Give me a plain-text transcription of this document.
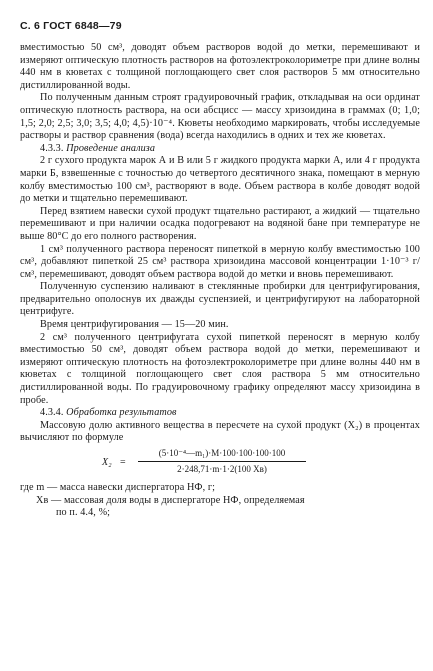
С. 6 ГОСТ 6848—79

вместимостью 50 см³, доводят объем растворов водой до метки, перемешивают и измеряют оптическую плотность растворов на фотоэлектроколориметре при длине волны 440 нм в кюветах с толщиной поглощающего свет слоя растворов 5 мм относительно дистиллированной воды.

По полученным данным строят градуировочный график, откладывая на оси ординат оптическую плотность раствора, на оси абсцисс — массу хризоидина в граммах (0; 1,0; 1,5; 2,0; 2,5; 3,0; 3,5; 4,0; 4,5)·10⁻⁴. Кюветы необходимо маркировать, чтобы исследуемые растворы и раствор сравнения (вода) всегда находились в одних и тех же кюветах.

4.3.3. Проведение анализа

2 г сухого продукта марок А и В или 5 г жидкого продукта марки А, или 4 г продукта марки Б, взвешенные с точностью до четвертого десятичного знака, помещают в мерную колбу вместимостью 100 см³, растворяют в воде. Объем раствора в колбе доводят водой до метки и тщательно перемешивают.

Перед взятием навески сухой продукт тщательно растирают, а жидкий — тщательно перемешивают и при наличии осадка подогревают на водяной бане при температуре не выше 80°С до его полного растворения.

1 см³ полученного раствора переносят пипеткой в мерную колбу вместимостью 100 см³, добавляют пипеткой 25 см³ раствора хризоидина массовой концентрации 1·10⁻³ г/см³, перемешивают, доводят объем раствора водой до метки и вновь перемешивают.

Полученную суспензию наливают в стеклянные пробирки для центрифугирования, предварительно ополоснув их дважды суспензией, и центрифугируют на лабораторной центрифуге.

Время центрифугирования — 15—20 мин.

2 см³ полученного центрифугата сухой пипеткой переносят в мерную колбу вместимостью 50 см³, доводят объем раствора водой до метки, перемешивают и измеряют оптическую плотность на фотоэлектроколориметре при длине волны 440 нм в кюветах с толщиной поглощающего свет слоя раствора 5 мм относительно дистиллированной воды. По градуировочному графику определяют массу хризоидина в пробе.

4.3.4. Обработка результатов

Массовую долю активного вещества в пересчете на сухой продукт (X₂) в процентах вычисляют по формуле

X₂ =
(5·10⁻⁴—m₁)·M·100·100·100·100
2·248,71·m·1·2(100 Xв)

где m — масса навески диспергатора НФ, г;

Xв — массовая доля воды в диспергаторе НФ, определяемая

по п. 4.4, %;
